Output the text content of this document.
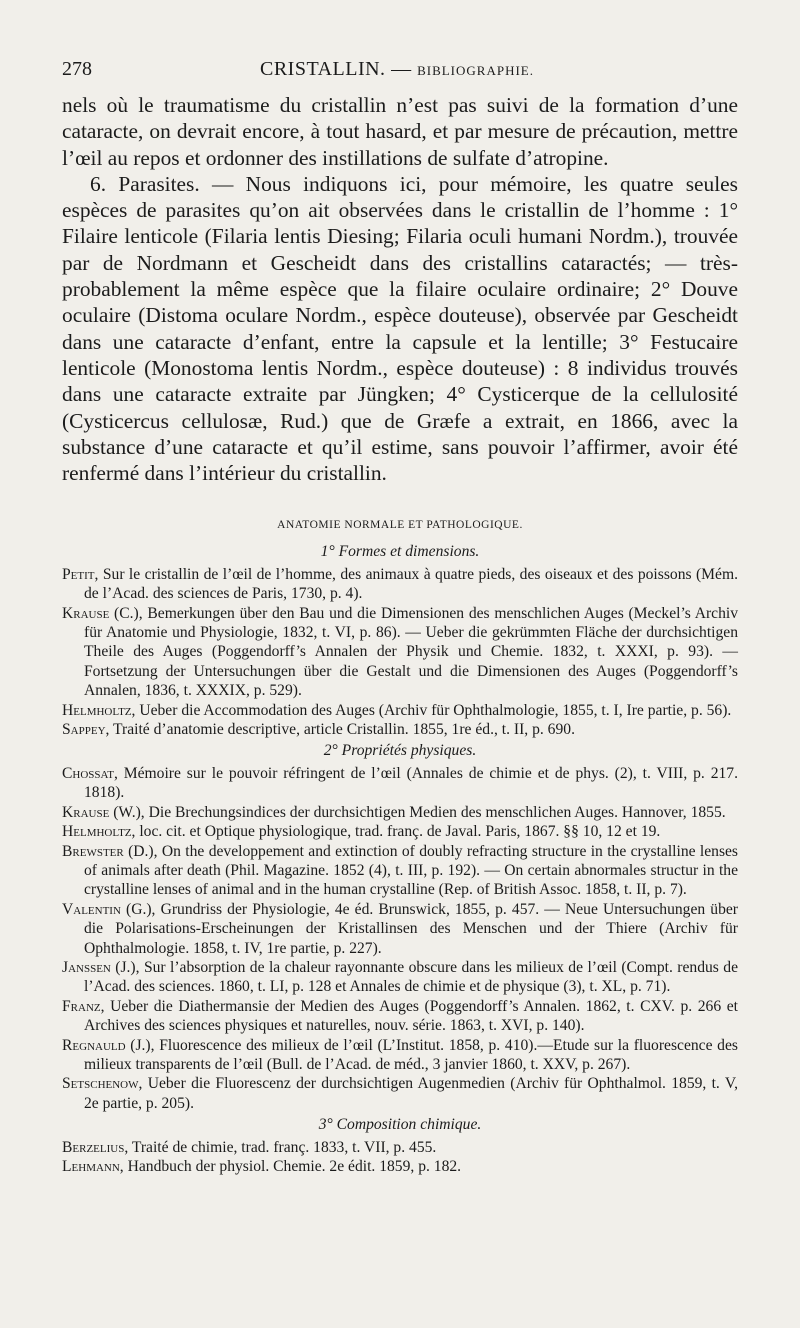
278	CRISTALLIN. — BIBLIOGRAPHIE.

nels où le traumatisme du cristallin n’est pas suivi de la formation d’une cataracte, on devrait encore, à tout hasard, et par mesure de précaution, mettre l’œil au repos et ordonner des instillations de sulfate d’atropine.

6. Parasites. — Nous indiquons ici, pour mémoire, les quatre seules espèces de parasites qu’on ait observées dans le cristallin de l’homme : 1° Filaire lenticole (Filaria lentis Diesing; Filaria oculi humani Nordm.), trouvée par de Nordmann et Gescheidt dans des cristallins cataractés; — très-probablement la même espèce que la filaire oculaire ordinaire; 2° Douve oculaire (Distoma oculare Nordm., espèce douteuse), observée par Gescheidt dans une cataracte d’enfant, entre la capsule et la lentille; 3° Festucaire lenticole (Monostoma lentis Nordm., espèce douteuse) : 8 individus trouvés dans une cataracte extraite par Jüngken; 4° Cysticerque de la cellulosité (Cysticercus cellulosæ, Rud.) que de Græfe a extrait, en 1866, avec la substance d’une cataracte et qu’il estime, sans pouvoir l’affirmer, avoir été renfermé dans l’intérieur du cristallin.

ANATOMIE NORMALE ET PATHOLOGIQUE.
1° Formes et dimensions.

Petit, Sur le cristallin de l’œil de l’homme, des animaux à quatre pieds, des oiseaux et des poissons (Mém. de l’Acad. des sciences de Paris, 1730, p. 4).

Krause (C.), Bemerkungen über den Bau und die Dimensionen des menschlichen Auges (Meckel’s Archiv für Anatomie und Physiologie, 1832, t. VI, p. 86). — Ueber die gekrümmten Fläche der durchsichtigen Theile des Auges (Poggendorff’s Annalen der Physik und Chemie. 1832, t. XXXI, p. 93). — Fortsetzung der Untersuchungen über die Gestalt und die Dimensionen des Auges (Poggendorff’s Annalen, 1836, t. XXXIX, p. 529).

Helmholtz, Ueber die Accommodation des Auges (Archiv für Ophthalmologie, 1855, t. I, Ire partie, p. 56).

Sappey, Traité d’anatomie descriptive, article Cristallin. 1855, 1re éd., t. II, p. 690.

2° Propriétés physiques.

Chossat, Mémoire sur le pouvoir réfringent de l’œil (Annales de chimie et de phys. (2), t. VIII, p. 217. 1818).

Krause (W.), Die Brechungsindices der durchsichtigen Medien des menschlichen Auges. Hannover, 1855.

Helmholtz, loc. cit. et Optique physiologique, trad. franç. de Javal. Paris, 1867. §§ 10, 12 et 19.

Brewster (D.), On the developpement and extinction of doubly refracting structure in the crystalline lenses of animals after death (Phil. Magazine. 1852 (4), t. III, p. 192). — On certain abnormales structur in the crystalline lenses of animal and in the human crystalline (Rep. of British Assoc. 1858, t. II, p. 7).

Valentin (G.), Grundriss der Physiologie, 4e éd. Brunswick, 1855, p. 457. — Neue Untersuchungen über die Polarisations-Erscheinungen der Kristallinsen des Menschen und der Thiere (Archiv für Ophthalmologie. 1858, t. IV, 1re partie, p. 227).

Janssen (J.), Sur l’absorption de la chaleur rayonnante obscure dans les milieux de l’œil (Compt. rendus de l’Acad. des sciences. 1860, t. LI, p. 128 et Annales de chimie et de physique (3), t. XL, p. 71).

Franz, Ueber die Diathermansie der Medien des Auges (Poggendorff’s Annalen. 1862, t. CXV. p. 266 et Archives des sciences physiques et naturelles, nouv. série. 1863, t. XVI, p. 140).

Regnauld (J.), Fluorescence des milieux de l’œil (L’Institut. 1858, p. 410).—Etude sur la fluorescence des milieux transparents de l’œil (Bull. de l’Acad. de méd., 3 janvier 1860, t. XXV, p. 267).

Setschenow, Ueber die Fluorescenz der durchsichtigen Augenmedien (Archiv für Ophthalmol. 1859, t. V, 2e partie, p. 205).

3° Composition chimique.

Berzelius, Traité de chimie, trad. franç. 1833, t. VII, p. 455.

Lehmann, Handbuch der physiol. Chemie. 2e édit. 1859, p. 182.
